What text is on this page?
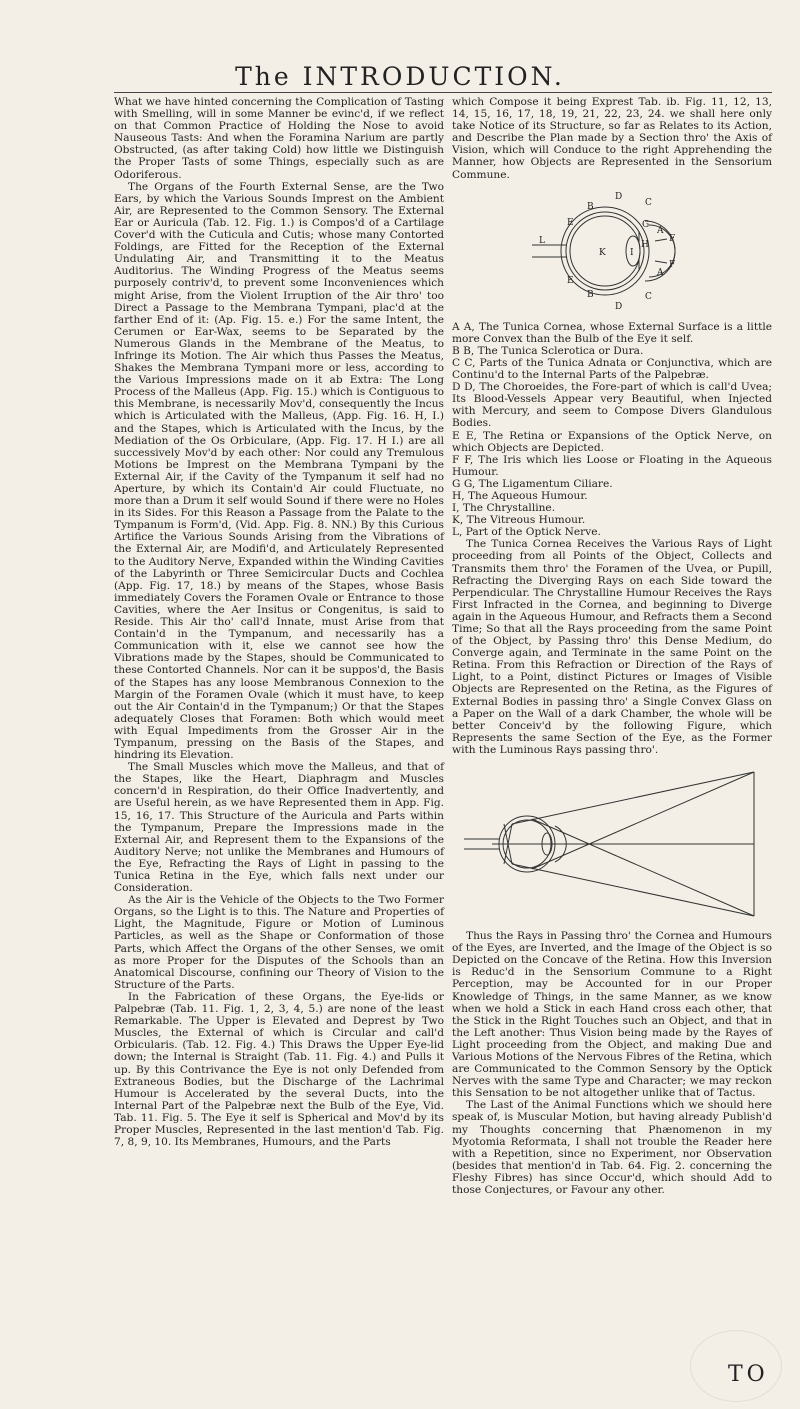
The INTRODUCTION.

What we have hinted concerning the Complication of Tasting with Smelling, will in some Manner be evinc'd, if we reflect on that Common Practice of Holding the Nose to avoid Nauseous Tasts: And when the Foramina Narium are partly Obstructed, (as after taking Cold) how little we Distinguish the Proper Tasts of some Things, especially such as are Odoriferous.

The Organs of the Fourth External Sense, are the Two Ears, by which the Various Sounds Imprest on the Ambient Air, are Represented to the Common Sensory. The External Ear or Auricula (Tab. 12. Fig. 1.) is Compos'd of a Cartilage Cover'd with the Cuticula and Cutis; whose many Contorted Foldings, are Fitted for the Reception of the External Undulating Air, and Transmitting it to the Meatus Auditorius. The Winding Progress of the Meatus seems purposely contriv'd, to prevent some Inconveniences which might Arise, from the Violent Irruption of the Air thro' too Direct a Passage to the Membrana Tympani, plac'd at the farther End of it: (Ap. Fig. 15. e.) For the same Intent, the Cerumen or Ear-Wax, seems to be Separated by the Numerous Glands in the Membrane of the Meatus, to Infringe its Motion. The Air which thus Passes the Meatus, Shakes the Membrana Tympani more or less, according to the Various Impressions made on it ab Extra: The Long Process of the Malleus (App. Fig. 15.) which is Contiguous to this Membrane, is necessarily Mov'd, consequently the Incus which is Articulated with the Malleus, (App. Fig. 16. H, I.) and the Stapes, which is Articulated with the Incus, by the Mediation of the Os Orbiculare, (App. Fig. 17. H I.) are all successively Mov'd by each other: Nor could any Tremulous Motions be Imprest on the Membrana Tympani by the External Air, if the Cavity of the Tympanum it self had no Aperture, by which its Contain'd Air could Fluctuate, no more than a Drum it self would Sound if there were no Holes in its Sides. For this Reason a Passage from the Palate to the Tympanum is Form'd, (Vid. App. Fig. 8. NN.) By this Curious Artifice the Various Sounds Arising from the Vibrations of the External Air, are Modifi'd, and Articulately Represented to the Auditory Nerve, Expanded within the Winding Cavities of the Labyrinth or Three Semicircular Ducts and Cochlea (App. Fig. 17, 18.) by means of the Stapes, whose Basis immediately Covers the Foramen Ovale or Entrance to those Cavities, where the Aer Insitus or Congenitus, is said to Reside. This Air tho' call'd Innate, must Arise from that Contain'd in the Tympanum, and necessarily has a Communication with it, else we cannot see how the Vibrations made by the Stapes, should be Communicated to these Contorted Channels. Nor can it be suppos'd, the Basis of the Stapes has any loose Membranous Connexion to the Margin of the Foramen Ovale (which it must have, to keep out the Air Contain'd in the Tympanum;) Or that the Stapes adequately Closes that Foramen: Both which would meet with Equal Impediments from the Grosser Air in the Tympanum, pressing on the Basis of the Stapes, and hindring its Elevation.

The Small Muscles which move the Malleus, and that of the Stapes, like the Heart, Diaphragm and Muscles concern'd in Respiration, do their Office Inadvertently, and are Useful herein, as we have Represented them in App. Fig. 15, 16, 17. This Structure of the Auricula and Parts within the Tympanum, Prepare the Impressions made in the External Air, and Represent them to the Expansions of the Auditory Nerve; not unlike the Membranes and Humours of the Eye, Refracting the Rays of Light in passing to the Tunica Retina in the Eye, which falls next under our Consideration.

As the Air is the Vehicle of the Objects to the Two Former Organs, so the Light is to this. The Nature and Properties of Light, the Magnitude, Figure or Motion of Luminous Particles, as well as the Shape or Conformation of those Parts, which Affect the Organs of the other Senses, we omit as more Proper for the Disputes of the Schools than an Anatomical Discourse, confining our Theory of Vision to the Structure of the Parts.

In the Fabrication of these Organs, the Eye-lids or Palpebræ (Tab. 11. Fig. 1, 2, 3, 4, 5.) are none of the least Remarkable. The Upper is Elevated and Deprest by Two Muscles, the External of which is Circular and call'd Orbicularis. (Tab. 12. Fig. 4.) This Draws the Upper Eye-lid down; the Internal is Straight (Tab. 11. Fig. 4.) and Pulls it up. By this Contrivance the Eye is not only Defended from Extraneous Bodies, but the Discharge of the Lachrimal Humour is Accelerated by the several Ducts, into the Internal Part of the Palpebræ next the Bulb of the Eye, Vid. Tab. 11. Fig. 5. The Eye it self is Spherical and Mov'd by its Proper Muscles, Represented in the last mention'd Tab. Fig. 7, 8, 9, 10. Its Membranes, Humours, and the Parts

which Compose it being Exprest Tab. ib. Fig. 11, 12, 13, 14, 15, 16, 17, 18, 19, 21, 22, 23, 24. we shall here only take Notice of its Structure, so far as Relates to its Action, and Describe the Plan made by a Section thro' the Axis of Vision, which will Conduce to the right Apprehending the Manner, how Objects are Represented in the Sensorium Commune.

D
C
B
E
L
K	I
H
G
A
F
F
A
C
B
E
D

A A, The Tunica Cornea, whose External Surface is a little more Convex than the Bulb of the Eye it self.

B B, The Tunica Sclerotica or Dura.

C C, Parts of the Tunica Adnata or Conjunctiva, which are Continu'd to the Internal Parts of the Palpebræ.

D D, The Choroeides, the Fore-part of which is call'd Uvea; Its Blood-Vessels Appear very Beautiful, when Injected with Mercury, and seem to Compose Divers Glandulous Bodies.

E E, The Retina or Expansions of the Optick Nerve, on which Objects are Depicted.

F F, The Iris which lies Loose or Floating in the Aqueous Humour.

G G, The Ligamentum Ciliare.

H, The Aqueous Humour.

I, The Chrystalline.

K, The Vitreous Humour.

L, Part of the Optick Nerve.

The Tunica Cornea Receives the Various Rays of Light proceeding from all Points of the Object, Collects and Transmits them thro' the Foramen of the Uvea, or Pupill, Refracting the Diverging Rays on each Side toward the Perpendicular. The Chrystalline Humour Receives the Rays First Infracted in the Cornea, and beginning to Diverge again in the Aqueous Humour, and Refracts them a Second Time; So that all the Rays proceeding from the same Point of the Object, by Passing thro' this Dense Medium, do Converge again, and Terminate in the same Point on the Retina. From this Refraction or Direction of the Rays of Light, to a Point, distinct Pictures or Images of Visible Objects are Represented on the Retina, as the Figures of External Bodies in passing thro' a Single Convex Glass on a Paper on the Wall of a dark Chamber, the whole will be better Conceiv'd by the following Figure, which Represents the same Section of the Eye, as the Former with the Luminous Rays passing thro'.

Thus the Rays in Passing thro' the Cornea and Humours of the Eyes, are Inverted, and the Image of the Object is so Depicted on the Concave of the Retina. How this Inversion is Reduc'd in the Sensorium Commune to a Right Perception, may be Accounted for in our Proper Knowledge of Things, in the same Manner, as we know when we hold a Stick in each Hand cross each other, that the Stick in the Right Touches such an Object, and that in the Left another: Thus Vision being made by the Rayes of Light proceeding from the Object, and making Due and Various Motions of the Nervous Fibres of the Retina, which are Communicated to the Common Sensory by the Optick Nerves with the same Type and Character; we may reckon this Sensation to be not altogether unlike that of Tactus.

The Last of the Animal Functions which we should here speak of, is Muscular Motion, but having already Publish'd my Thoughts concerning that Phænomenon in my Myotomia Reformata, I shall not trouble the Reader here with a Repetition, since no Experiment, nor Observation (besides that mention'd in Tab. 64. Fig. 2. concerning the Fleshy Fibres) has since Occur'd, which should Add to those Conjectures, or Favour any other.

TO
